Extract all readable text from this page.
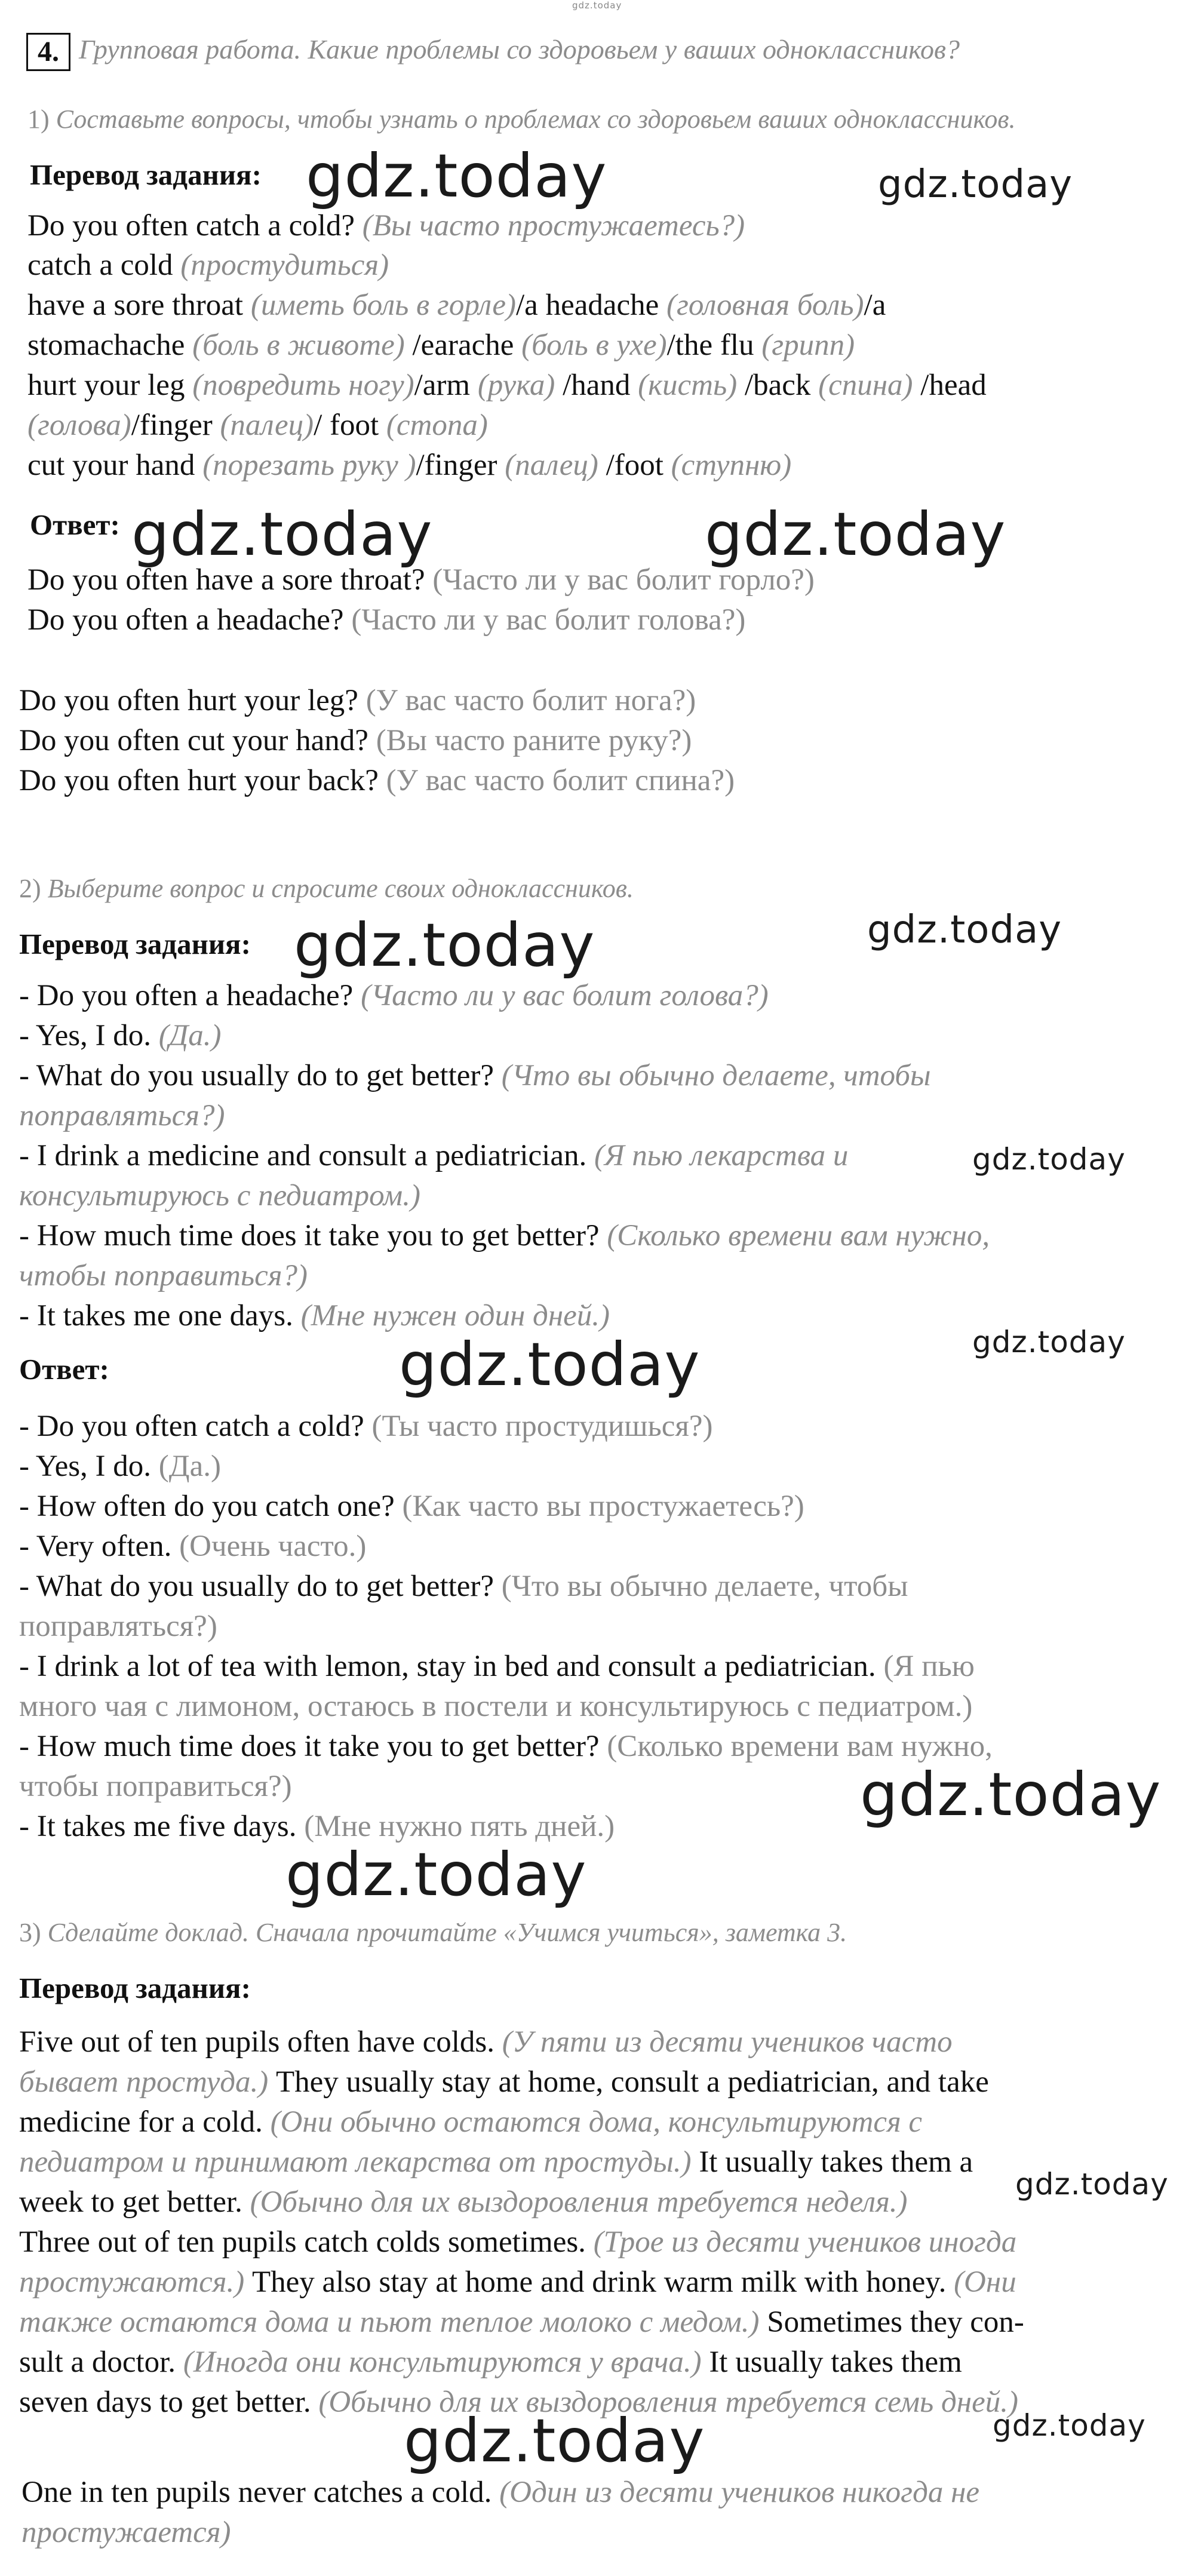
gdz.today
4. Групповая работа. Какие проблемы со здоровьем у ваших одноклассников?
1) Составьте вопросы, чтобы узнать о проблемах со здоровьем ваших одноклассников.
Перевод задания: gdz.today	gdz.today
Do you often catch a cold? (Вы часто простужаетесь?)
catch a cold (простудиться)
have a sore throat (иметь боль в горле)/a headache (головная боль)/a
stomachache (боль в животе) /earache (боль в ухе)/the flu (грипп)
hurt your leg (повредить ногу)/arm (рука) /hand (кисть) /back (спина) /head
(голова)/finger (палец)/ foot (стопа)
cut your hand (порезать руку )/finger (палец) /foot (ступню)
Ответ: gdz.today	gdz.today
Do you often have a sore throat? (Часто ли у вас болит горло?)
Do you often a headache? (Часто ли у вас болит голова?)
Do you often hurt your leg? (У вас часто болит нога?)
Do you often cut your hand? (Вы часто раните руку?)
Do you often hurt your back? (У вас часто болит спина?)
2) Выберите вопрос и спросите своих одноклассников.
Перевод задания: gdz.today	gdz.today
- Do you often a headache? (Часто ли у вас болит голова?)
- Yes, I do. (Да.)
- What do you usually do to get better? (Что вы обычно делаете, чтобы
поправляться?)
- I drink a medicine and consult a pediatrician. (Я пью лекарства и	gdz.today
консультируюсь с педиатром.)
- How much time does it take you to get better? (Сколько времени вам нужно,
чтобы поправиться?)
- It takes me one days. (Мне нужен один дней.)
gdz.today
Ответ:	gdz.today
- Do you often catch a cold? (Ты часто простудишься?)
- Yes, I do. (Да.)
- How often do you catch one? (Как часто вы простужаетесь?)
- Very often. (Очень часто.)
- What do you usually do to get better? (Что вы обычно делаете, чтобы
поправляться?)
- I drink a lot of tea with lemon, stay in bed and consult a pediatrician. (Я пью
много чая с лимоном, остаюсь в постели и консультируюсь с педиатром.)
- How much time does it take you to get better? (Сколько времени вам нужно,
чтобы поправиться?)	gdz.today
- It takes me five days. (Мне нужно пять дней.)
gdz.today
3) Сделайте доклад. Сначала прочитайте «Учимся учиться», заметка 3.
Перевод задания:
Five out of ten pupils often have colds. (У пяти из десяти учеников часто
бывает простуда.) They usually stay at home, consult a pediatrician, and take
medicine for a cold. (Они обычно остаются дома, консультируются с
педиатром и принимают лекарства от простуды.) It usually takes them a
week to get better. (Обычно для их выздоровления требуется неделя.)
gdz.today
Three out of ten pupils catch colds sometimes. (Трое из десяти учеников иногда
простужаются.) They also stay at home and drink warm milk with honey. (Они
также остаются дома и пьют теплое молоко с медом.) Sometimes they con-
sult a doctor. (Иногда они консультируются у врача.) It usually takes them
seven days to get better. (Обычно для их выздоровления требуется семь дней.)
gdz.today
gdz.today
One in ten pupils never catches a cold. (Один из десяти учеников никогда не
простужается)
